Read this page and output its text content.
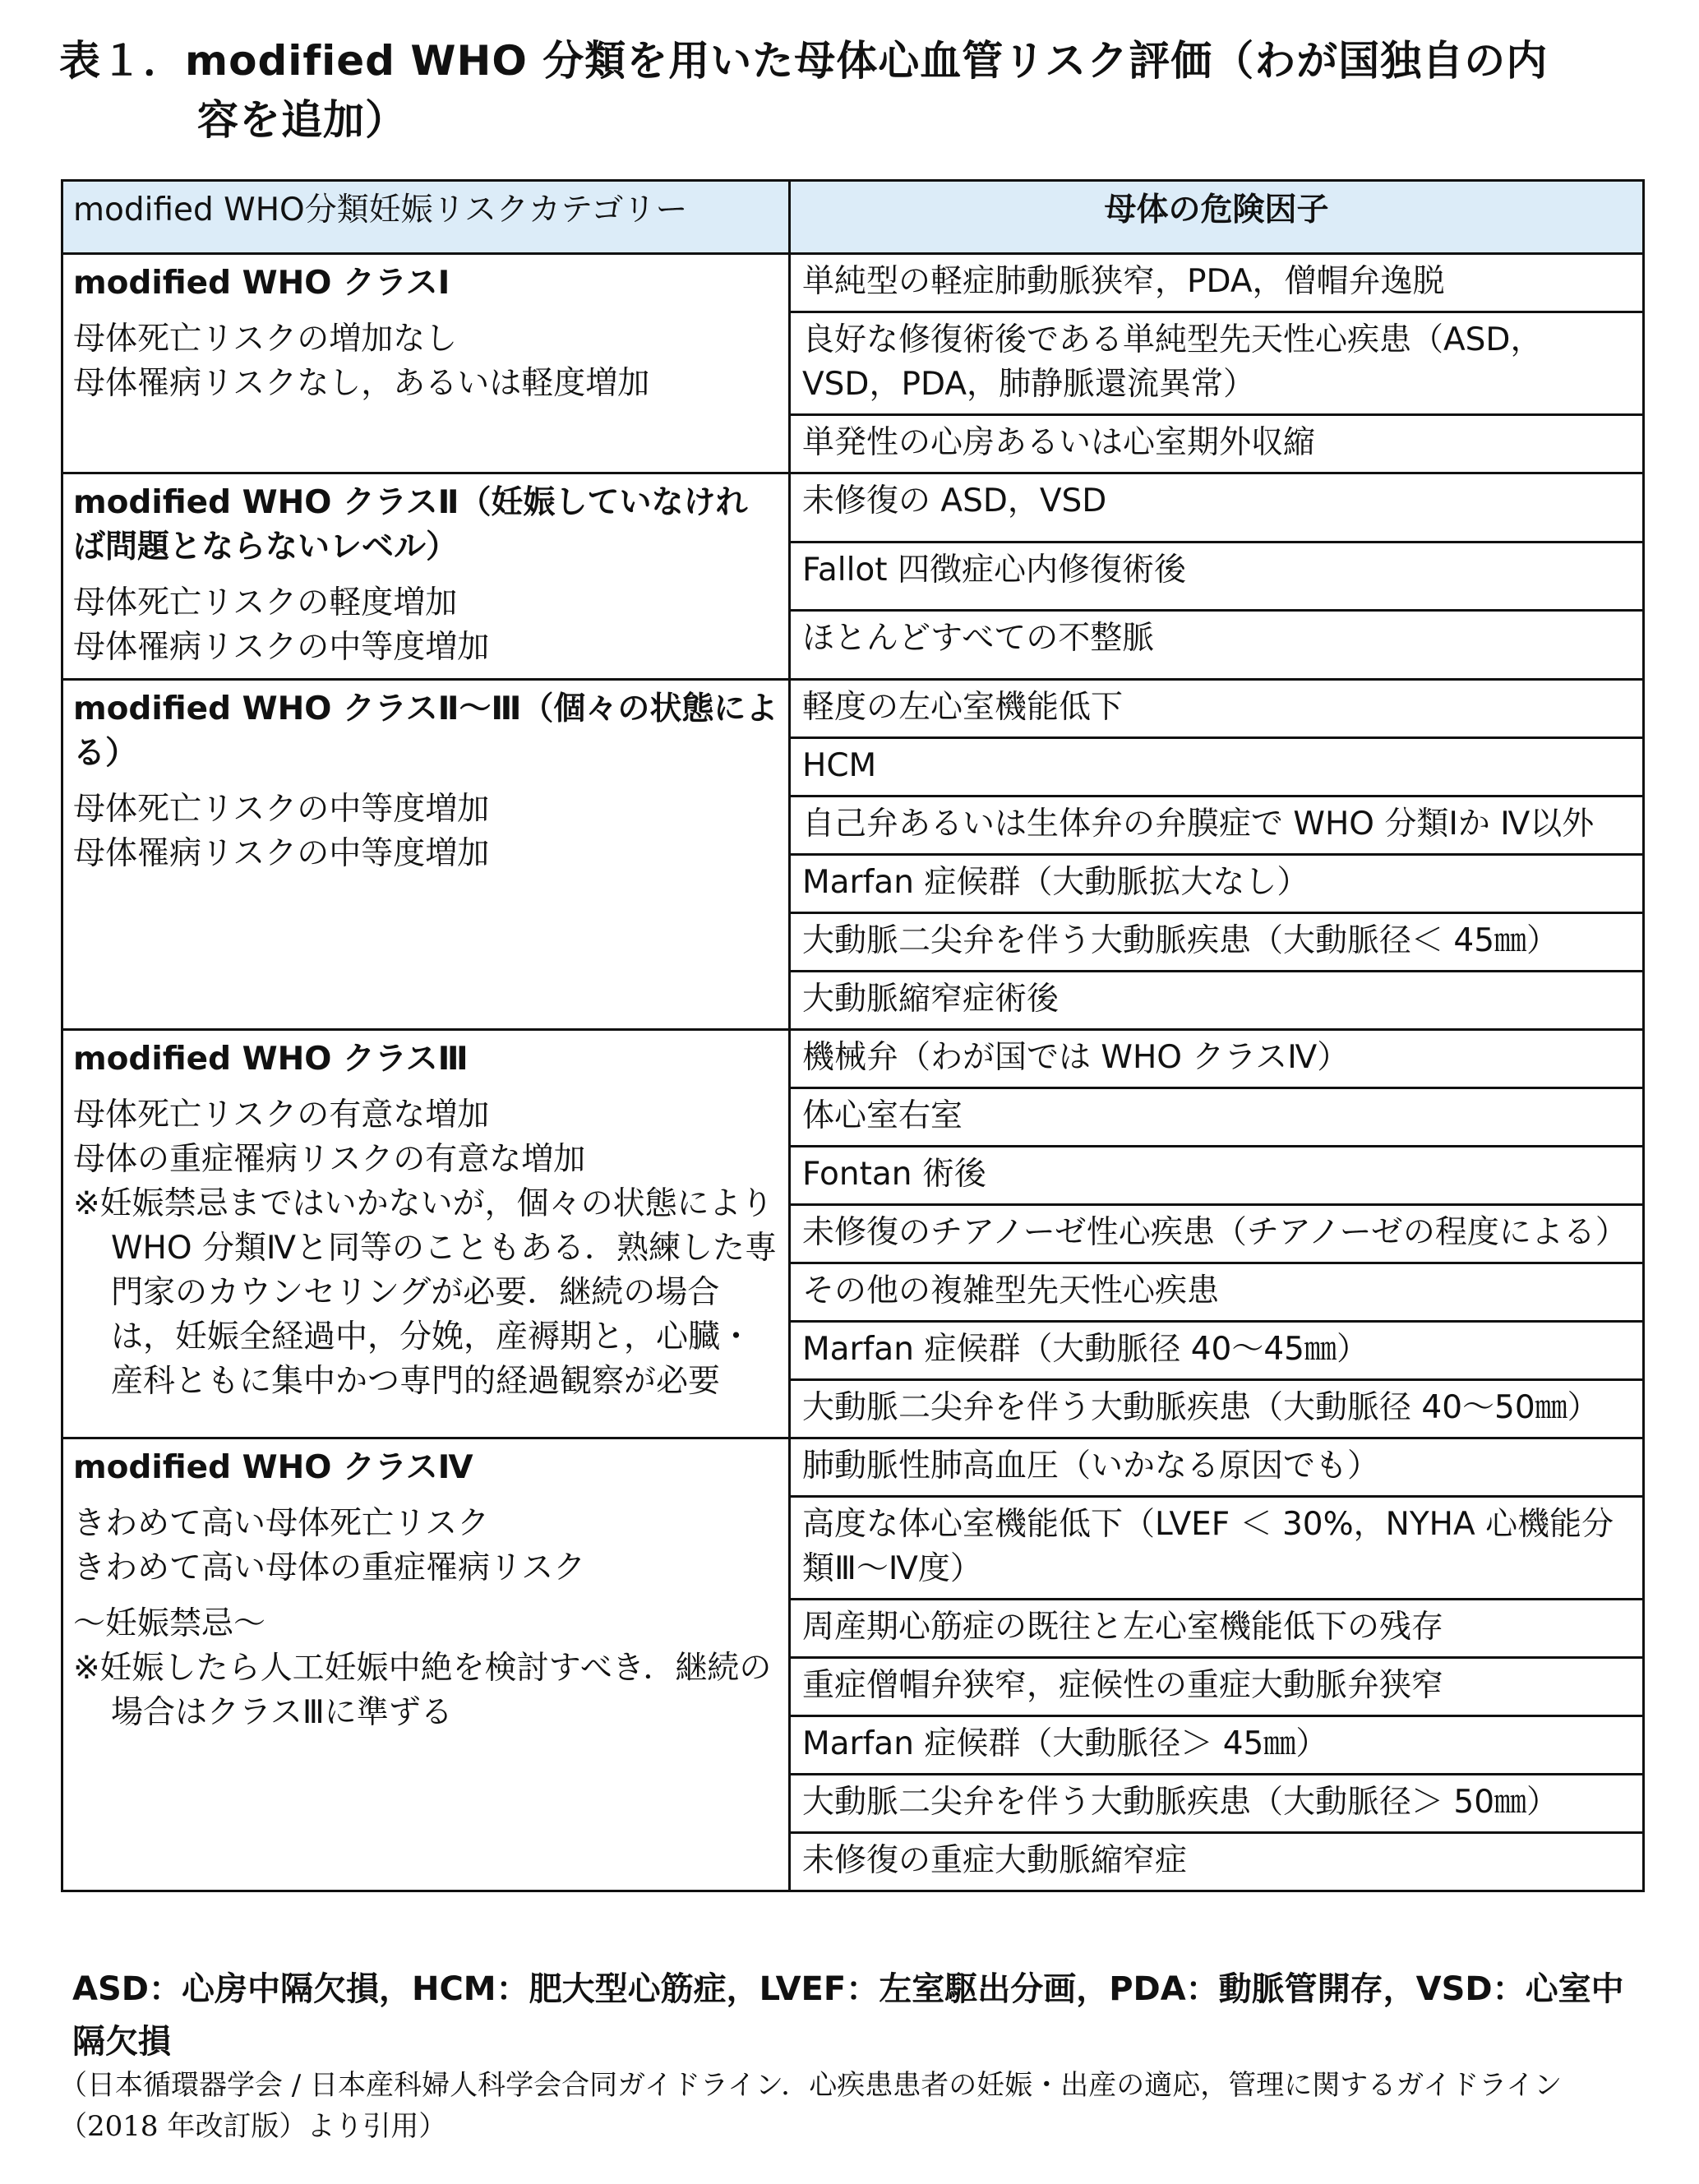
表１．modified WHO 分類を用いた母体心血管リスク評価（わが国独自の内
容を追加）
modified WHO分類妊娠リスクカテゴリー	母体の危険因子

modified WHO クラスⅠ
母体死亡リスクの増加なし
母体罹病リスクなし，あるいは軽度増加	単純型の軽症肺動脈狭窄，PDA，僧帽弁逸脱
	良好な修復術後である単純型先天性心疾患（ASD，VSD，PDA，肺静脈還流異常）
	単発性の心房あるいは心室期外収縮

modified WHO クラスⅡ（妊娠していなければ問題とならないレベル）
母体死亡リスクの軽度増加
母体罹病リスクの中等度増加	未修復の ASD，VSD
	Fallot 四徴症心内修復術後
	ほとんどすべての不整脈

modified WHO クラスⅡ～Ⅲ（個々の状態による）
母体死亡リスクの中等度増加
母体罹病リスクの中等度増加	軽度の左心室機能低下
	HCM
	自己弁あるいは生体弁の弁膜症で WHO 分類Ⅰか Ⅳ以外
	Marfan 症候群（大動脈拡大なし）
	大動脈二尖弁を伴う大動脈疾患（大動脈径＜ 45㎜）
	大動脈縮窄症術後

modified WHO クラスⅢ
母体死亡リスクの有意な増加
母体の重症罹病リスクの有意な増加
※妊娠禁忌まではいかないが，個々の状態により WHO 分類Ⅳと同等のこともある．熟練した専門家のカウンセリングが必要．継続の場合は，妊娠全経過中，分娩，産褥期と，心臓・産科ともに集中かつ専門的経過観察が必要	機械弁（わが国では WHO クラスⅣ）
	体心室右室
	Fontan 術後
	未修復のチアノーゼ性心疾患（チアノーゼの程度による）
	その他の複雑型先天性心疾患
	Marfan 症候群（大動脈径 40～45㎜）
	大動脈二尖弁を伴う大動脈疾患（大動脈径 40～50㎜）

modified WHO クラスⅣ
きわめて高い母体死亡リスク
きわめて高い母体の重症罹病リスク
～妊娠禁忌～
※妊娠したら人工妊娠中絶を検討すべき．継続の場合はクラスⅢに準ずる	肺動脈性肺高血圧（いかなる原因でも）
	高度な体心室機能低下（LVEF ＜ 30%，NYHA 心機能分類Ⅲ～Ⅳ度）
	周産期心筋症の既往と左心室機能低下の残存
	重症僧帽弁狭窄，症候性の重症大動脈弁狭窄
	Marfan 症候群（大動脈径＞ 45㎜）
	大動脈二尖弁を伴う大動脈疾患（大動脈径＞ 50㎜）
	未修復の重症大動脈縮窄症
ASD：心房中隔欠損，HCM：肥大型心筋症，LVEF：左室駆出分画，PDA：動脈管開存，VSD：心室中隔欠損
（日本循環器学会 / 日本産科婦人科学会合同ガイドライン．心疾患患者の妊娠・出産の適応，管理に関するガイドライン（2018 年改訂版）より引用）
